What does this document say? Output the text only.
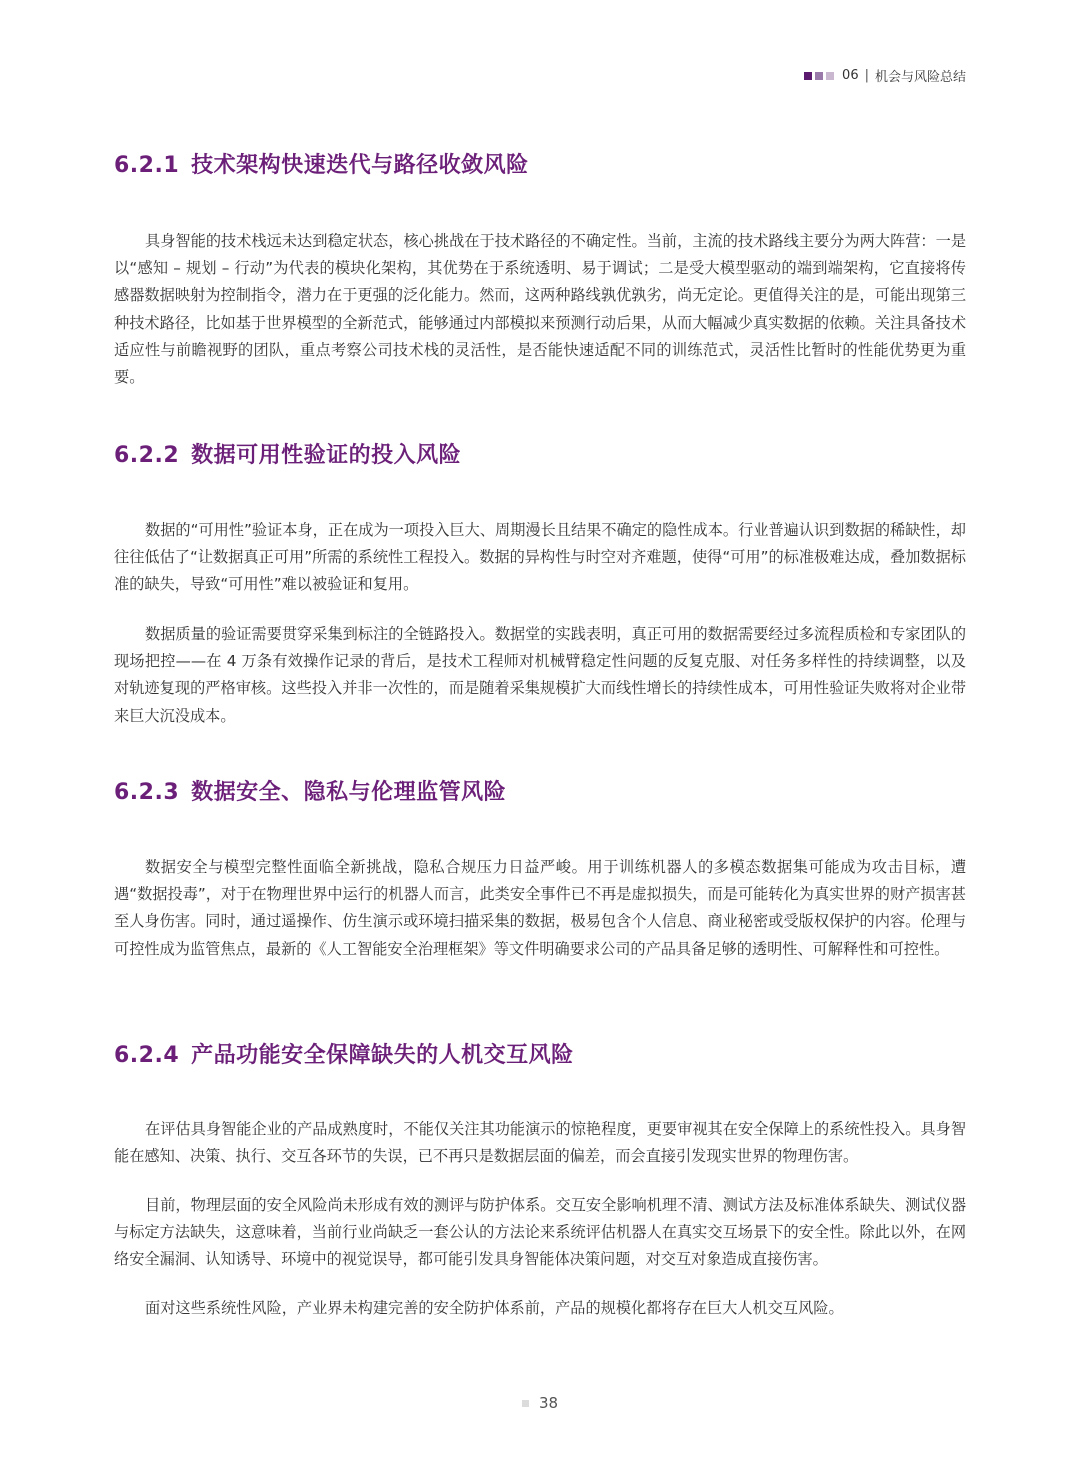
06 | 机会与风险总结
6.2.1 技术架构快速迭代与路径收敛风险

具身智能的技术栈远未达到稳定状态，核心挑战在于技术路径的不确定性。当前，主流的技术路线主要分为两大阵营：一是以“感知 – 规划 – 行动”为代表的模块化架构，其优势在于系统透明、易于调试；二是受大模型驱动的端到端架构，它直接将传感器数据映射为控制指令，潜力在于更强的泛化能力。然而，这两种路线孰优孰劣，尚无定论。更值得关注的是，可能出现第三种技术路径，比如基于世界模型的全新范式，能够通过内部模拟来预测行动后果，从而大幅减少真实数据的依赖。关注具备技术适应性与前瞻视野的团队，重点考察公司技术栈的灵活性，是否能快速适配不同的训练范式，灵活性比暂时的性能优势更为重要。

6.2.2 数据可用性验证的投入风险

数据的“可用性”验证本身，正在成为一项投入巨大、周期漫长且结果不确定的隐性成本。行业普遍认识到数据的稀缺性，却往往低估了“让数据真正可用”所需的系统性工程投入。数据的异构性与时空对齐难题，使得“可用”的标准极难达成，叠加数据标准的缺失，导致“可用性”难以被验证和复用。

数据质量的验证需要贯穿采集到标注的全链路投入。数据堂的实践表明，真正可用的数据需要经过多流程质检和专家团队的现场把控——在 4 万条有效操作记录的背后，是技术工程师对机械臂稳定性问题的反复克服、对任务多样性的持续调整，以及对轨迹复现的严格审核。这些投入并非一次性的，而是随着采集规模扩大而线性增长的持续性成本，可用性验证失败将对企业带来巨大沉没成本。

6.2.3 数据安全、隐私与伦理监管风险

数据安全与模型完整性面临全新挑战，隐私合规压力日益严峻。用于训练机器人的多模态数据集可能成为攻击目标，遭遇“数据投毒”，对于在物理世界中运行的机器人而言，此类安全事件已不再是虚拟损失，而是可能转化为真实世界的财产损害甚至人身伤害。同时，通过遥操作、仿生演示或环境扫描采集的数据，极易包含个人信息、商业秘密或受版权保护的内容。伦理与可控性成为监管焦点，最新的《人工智能安全治理框架》等文件明确要求公司的产品具备足够的透明性、可解释性和可控性。

6.2.4 产品功能安全保障缺失的人机交互风险

在评估具身智能企业的产品成熟度时，不能仅关注其功能演示的惊艳程度，更要审视其在安全保障上的系统性投入。具身智能在感知、决策、执行、交互各环节的失误，已不再只是数据层面的偏差，而会直接引发现实世界的物理伤害。

目前，物理层面的安全风险尚未形成有效的测评与防护体系。交互安全影响机理不清、测试方法及标准体系缺失、测试仪器与标定方法缺失，这意味着，当前行业尚缺乏一套公认的方法论来系统评估机器人在真实交互场景下的安全性。除此以外，在网络安全漏洞、认知诱导、环境中的视觉误导，都可能引发具身智能体决策问题，对交互对象造成直接伤害。

面对这些系统性风险，产业界未构建完善的安全防护体系前，产品的规模化都将存在巨大人机交互风险。

38
